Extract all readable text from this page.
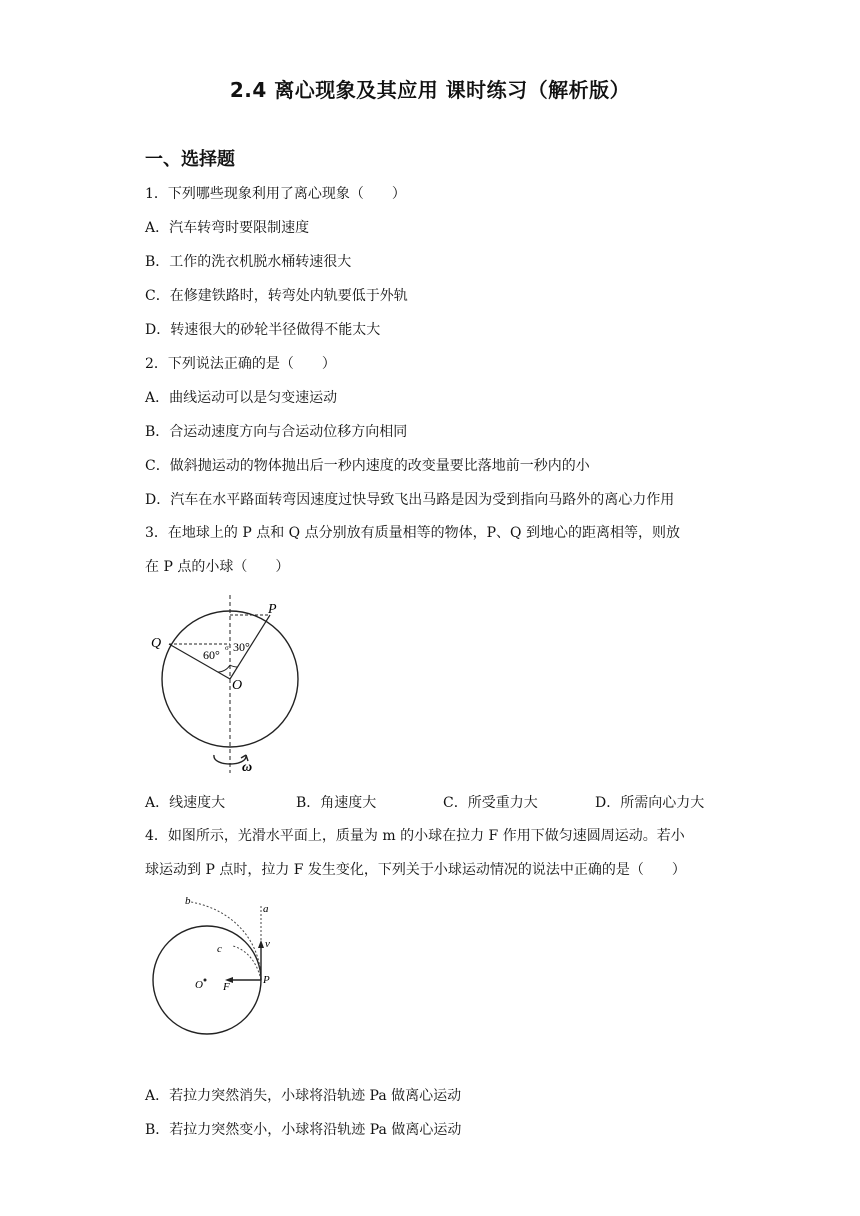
2.4 离心现象及其应用 课时练习（解析版）
一、选择题
1．下列哪些现象利用了离心现象（　　）
A．汽车转弯时要限制速度
B．工作的洗衣机脱水桶转速很大
C．在修建铁路时，转弯处内轨要低于外轨
D．转速很大的砂轮半径做得不能太大
2．下列说法正确的是（　　）
A．曲线运动可以是匀变速运动
B．合运动速度方向与合运动位移方向相同
C．做斜抛运动的物体抛出后一秒内速度的改变量要比落地前一秒内的小
D．汽车在水平路面转弯因速度过快导致飞出马路是因为受到指向马路外的离心力作用
3．在地球上的 P 点和 Q 点分别放有质量相等的物体，P、Q 到地心的距离相等，则放
在 P 点的小球（　　）
σ
P
Q
O
30°
60°
ω
A．线速度大	B．角速度大	C．所受重力大	D．所需向心力大
4．如图所示，光滑水平面上，质量为 m 的小球在拉力 F 作用下做匀速圆周运动。若小
球运动到 P 点时，拉力 F 发生变化，下列关于小球运动情况的说法中正确的是（　　）
a
b
c	v
P
O F
A．若拉力突然消失，小球将沿轨迹 Pa 做离心运动
B．若拉力突然变小，小球将沿轨迹 Pa 做离心运动
